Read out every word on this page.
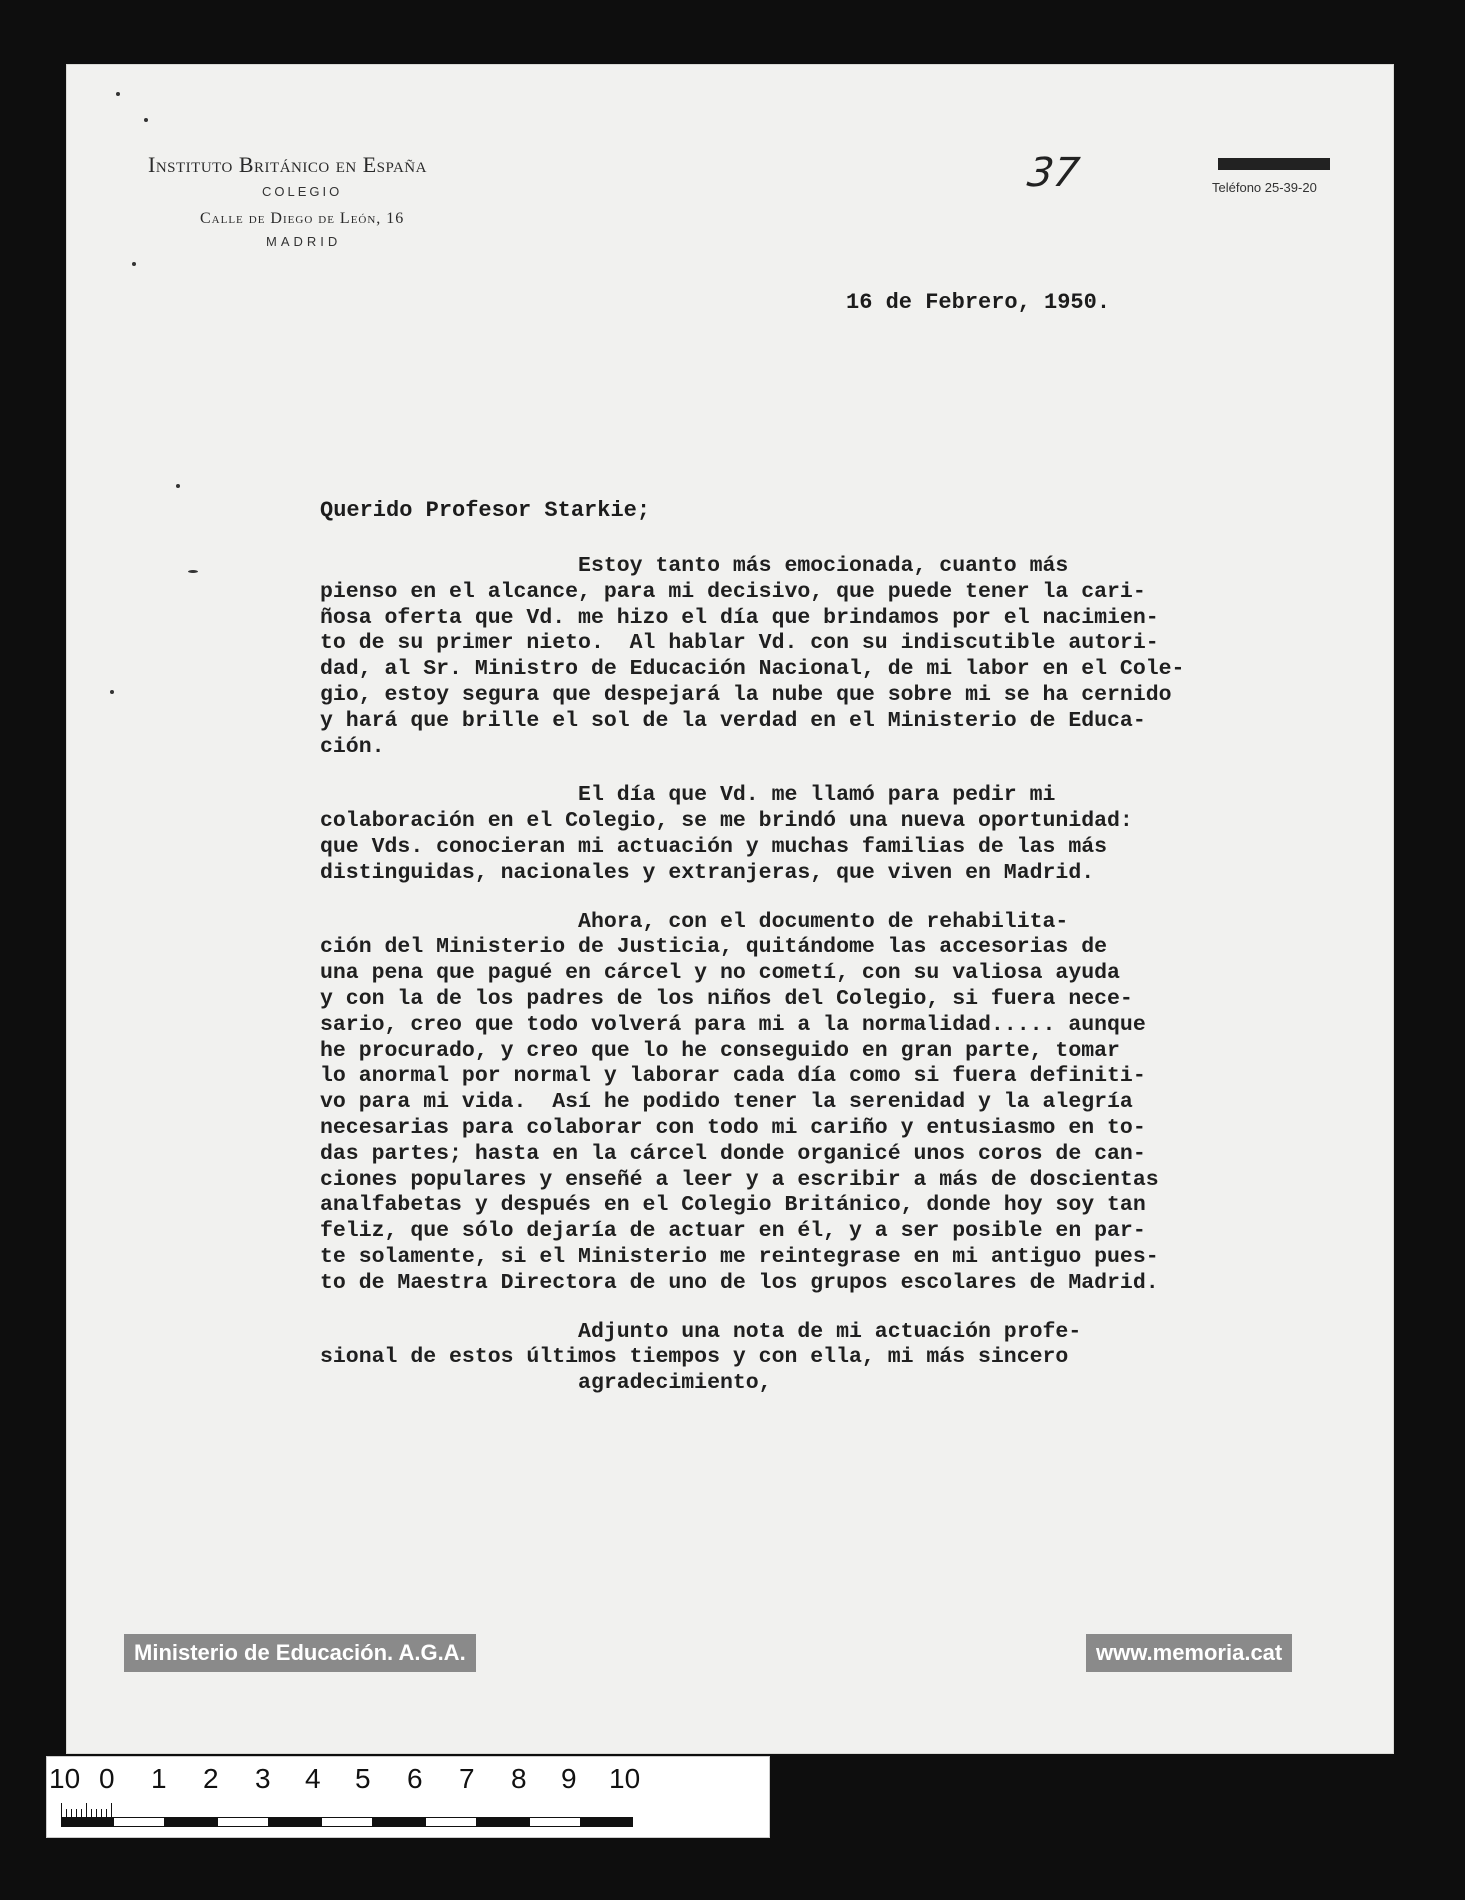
Instituto Británico en España
COLEGIO
Calle de Diego de León, 16
MADRID
Teléfono 25-39-20
37
16 de Febrero, 1950.
Querido Profesor Starkie;
Estoy tanto más emocionada, cuanto más
pienso en el alcance, para mi decisivo, que puede tener la cari-
ñosa oferta que Vd. me hizo el día que brindamos por el nacimien-
to de su primer nieto.  Al hablar Vd. con su indiscutible autori-
dad, al Sr. Ministro de Educación Nacional, de mi labor en el Cole-
gio, estoy segura que despejará la nube que sobre mi se ha cernido
y hará que brille el sol de la verdad en el Ministerio de Educa-
ción.
El día que Vd. me llamó para pedir mi
colaboración en el Colegio, se me brindó una nueva oportunidad:
que Vds. conocieran mi actuación y muchas familias de las más
distinguidas, nacionales y extranjeras, que viven en Madrid.
Ahora, con el documento de rehabilita-
ción del Ministerio de Justicia, quitándome las accesorias de
una pena que pagué en cárcel y no cometí, con su valiosa ayuda
y con la de los padres de los niños del Colegio, si fuera nece-
sario, creo que todo volverá para mi a la normalidad..... aunque
he procurado, y creo que lo he conseguido en gran parte, tomar
lo anormal por normal y laborar cada día como si fuera definiti-
vo para mi vida.  Así he podido tener la serenidad y la alegría
necesarias para colaborar con todo mi cariño y entusiasmo en to-
das partes; hasta en la cárcel donde organicé unos coros de can-
ciones populares y enseñé a leer y a escribir a más de doscientas
analfabetas y después en el Colegio Británico, donde hoy soy tan
feliz, que sólo dejaría de actuar en él, y a ser posible en par-
te solamente, si el Ministerio me reintegrase en mi antiguo pues-
to de Maestra Directora de uno de los grupos escolares de Madrid.
Adjunto una nota de mi actuación profe-
sional de estos últimos tiempos y con ella, mi más sincero
agradecimiento,
Ministerio de Educación. A.G.A.	www.memoria.cat
10 0 1 2 3 4 5 6 7 8 9 10
